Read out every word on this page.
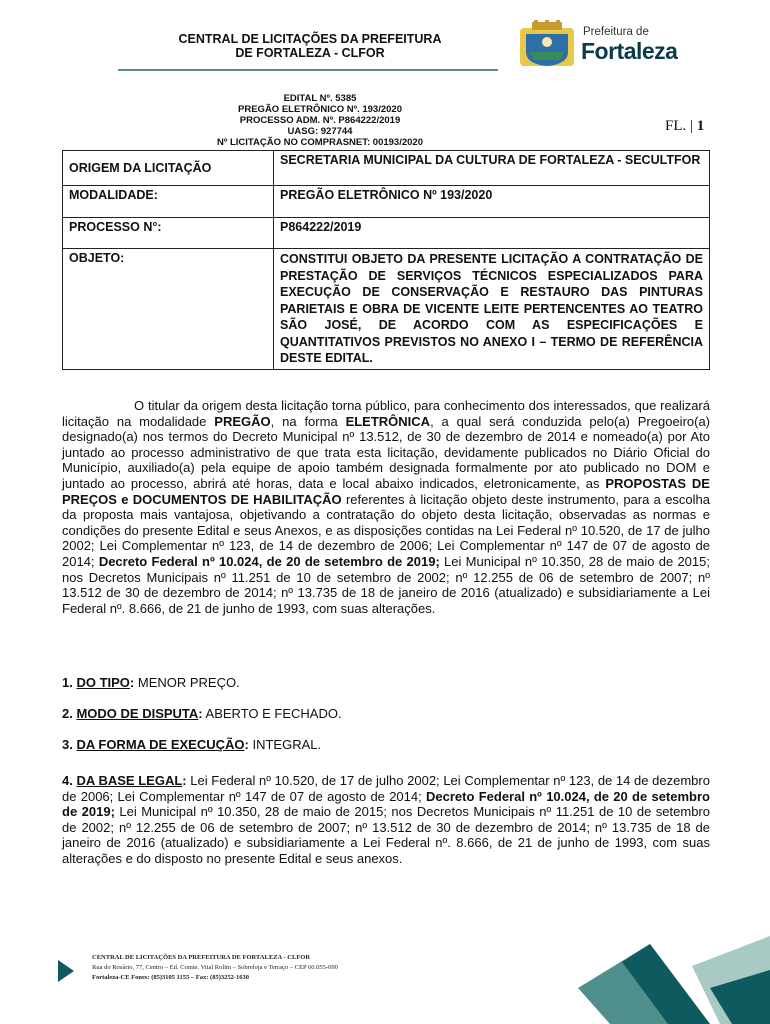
CENTRAL DE LICITAÇÕES DA PREFEITURA
DE FORTALEZA - CLFOR
Prefeitura de
Fortaleza
EDITAL Nº. 5385
PREGÃO ELETRÔNICO Nº. 193/2020
PROCESSO ADM. Nº. P864222/2019
UASG: 927744
Nº LICITAÇÃO NO COMPRASNET: 00193/2020
FL. | 1
ORIGEM DA LICITAÇÃO	SECRETARIA MUNICIPAL DA CULTURA DE FORTALEZA - SECULTFOR
MODALIDADE:	PREGÃO ELETRÔNICO Nº 193/2020
PROCESSO N°:	P864222/2019
OBJETO:	CONSTITUI OBJETO DA PRESENTE LICITAÇÃO A CONTRATAÇÃO DE PRESTAÇÃO DE SERVIÇOS TÉCNICOS ESPECIALIZADOS PARA EXECUÇÃO DE CONSERVAÇÃO E RESTAURO DAS PINTURAS PARIETAIS E OBRA DE VICENTE LEITE PERTENCENTES AO TEATRO SÃO JOSÉ, DE ACORDO COM AS ESPECIFICAÇÕES E QUANTITATIVOS PREVISTOS NO ANEXO I – TERMO DE REFERÊNCIA DESTE EDITAL.
O titular da origem desta licitação torna público, para conhecimento dos interessados, que realizará licitação na modalidade PREGÃO, na forma ELETRÔNICA, a qual será conduzida pelo(a) Pregoeiro(a) designado(a) nos termos do Decreto Municipal nº 13.512, de 30 de dezembro de 2014 e nomeado(a) por Ato juntado ao processo administrativo de que trata esta licitação, devidamente publicados no Diário Oficial do Município, auxiliado(a) pela equipe de apoio também designada formalmente por ato publicado no DOM e juntado ao processo, abrirá até horas, data e local abaixo indicados, eletronicamente, as PROPOSTAS DE PREÇOS e DOCUMENTOS DE HABILITAÇÃO referentes à licitação objeto deste instrumento, para a escolha da proposta mais vantajosa, objetivando a contratação do objeto desta licitação, observadas as normas e condições do presente Edital e seus Anexos, e as disposições contidas na Lei Federal nº 10.520, de 17 de julho 2002; Lei Complementar nº 123, de 14 de dezembro de 2006; Lei Complementar nº 147 de 07 de agosto de 2014; Decreto Federal nº 10.024, de 20 de setembro de 2019; Lei Municipal nº 10.350, 28 de maio de 2015; nos Decretos Municipais nº 11.251 de 10 de setembro de 2002; nº 12.255 de 06 de setembro de 2007; nº 13.512 de 30 de dezembro de 2014; nº 13.735 de 18 de janeiro de 2016 (atualizado) e subsidiariamente a Lei Federal nº. 8.666, de 21 de junho de 1993, com suas alterações.
1. DO TIPO: MENOR PREÇO.
2. MODO DE DISPUTA: ABERTO E FECHADO.
3. DA FORMA DE EXECUÇÃO: INTEGRAL.
4. DA BASE LEGAL: Lei Federal nº 10.520, de 17 de julho 2002; Lei Complementar nº 123, de 14 de dezembro de 2006; Lei Complementar nº 147 de 07 de agosto de 2014; Decreto Federal nº 10.024, de 20 de setembro de 2019; Lei Municipal nº 10.350, 28 de maio de 2015; nos Decretos Municipais nº 11.251 de 10 de setembro de 2002; nº 12.255 de 06 de setembro de 2007; nº 13.512 de 30 de dezembro de 2014; nº 13.735 de 18 de janeiro de 2016 (atualizado) e subsidiariamente a Lei Federal nº. 8.666, de 21 de junho de 1993, com suas alterações e do disposto no presente Edital e seus anexos.
CENTRAL DE LICITAÇÕES DA PREFEITURA DE FORTALEZA - CLFOR
Rua do Rosário, 77, Centro – Ed. Comte. Vital Rolim – Sobreloja e Terraço – CEP 60.055-090
Fortaleza-CE Fones: (85)3105 1155 – Fax: (85)3252-1630
